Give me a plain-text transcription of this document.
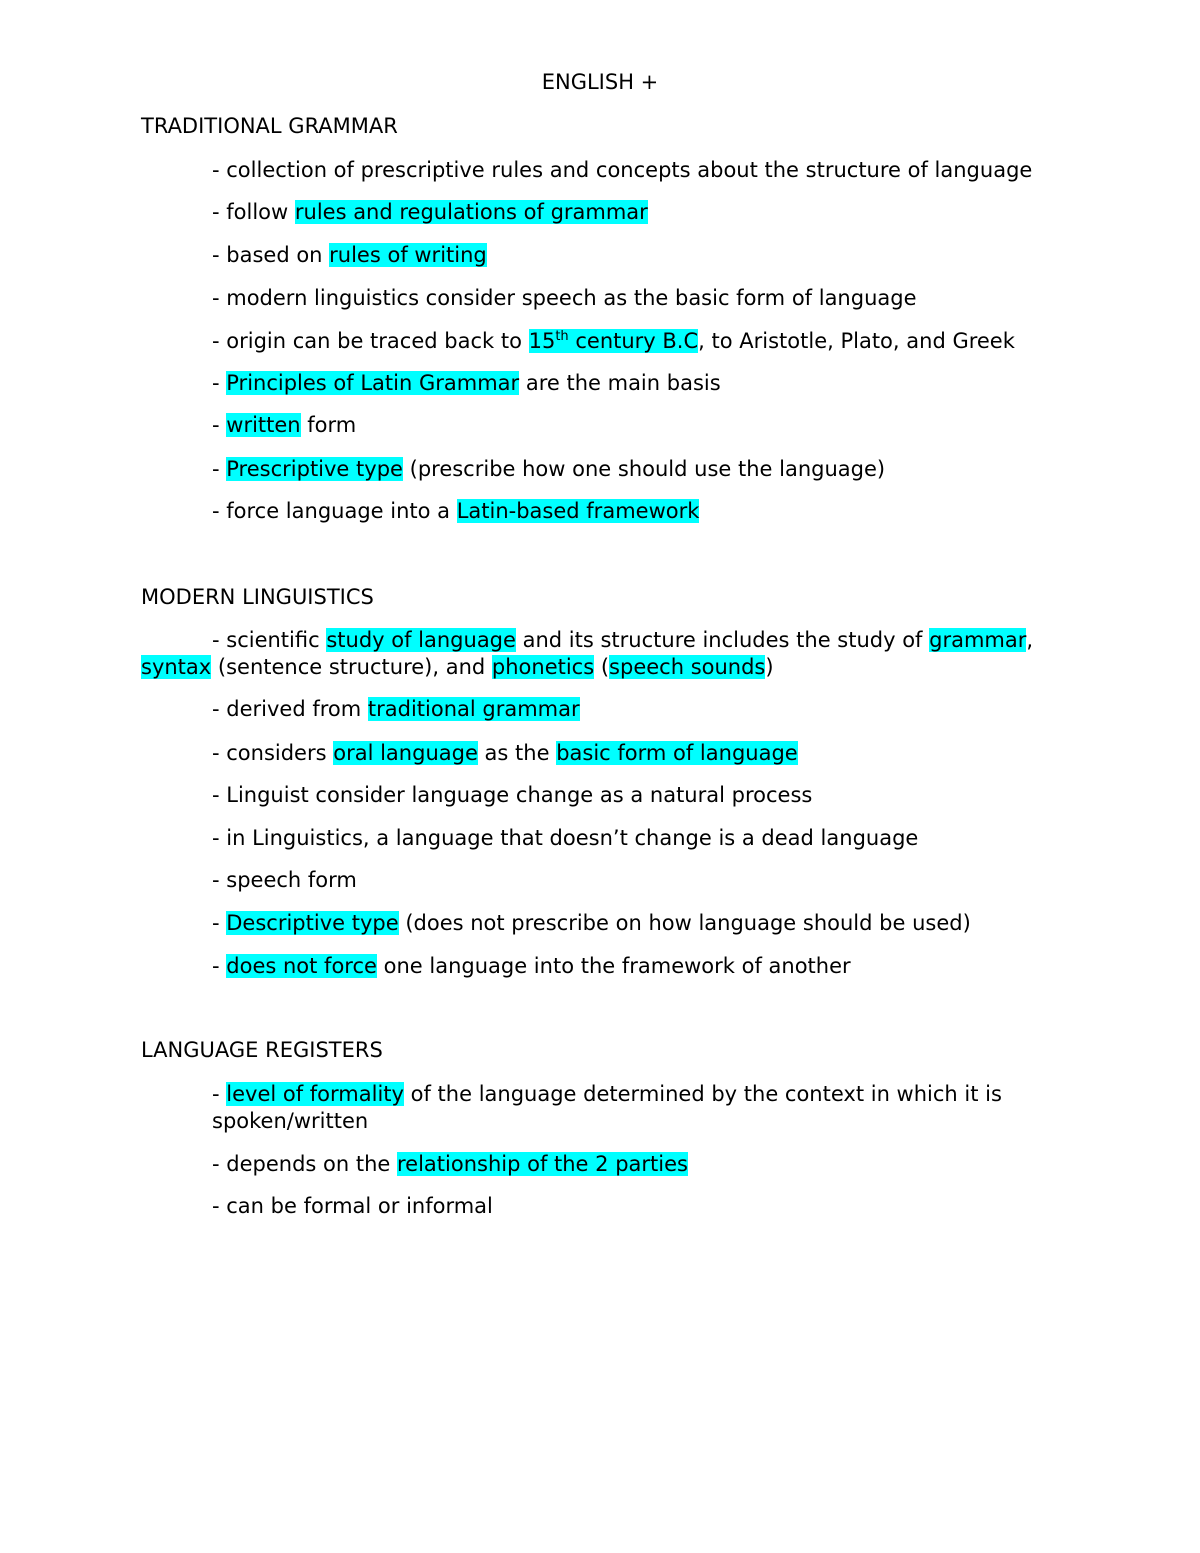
ENGLISH +
TRADITIONAL GRAMMAR
- collection of prescriptive rules and concepts about the structure of language
- follow rules and regulations of grammar
- based on rules of writing
- modern linguistics consider speech as the basic form of language
- origin can be traced back to 15th century B.C, to Aristotle, Plato, and Greek
- Principles of Latin Grammar are the main basis
- written form
- Prescriptive type (prescribe how one should use the language)
- force language into a Latin-based framework
MODERN LINGUISTICS
- scientific study of language and its structure includes the study of grammar, syntax (sentence structure), and phonetics (speech sounds)
- derived from traditional grammar
- considers oral language as the basic form of language
- Linguist consider language change as a natural process
- in Linguistics, a language that doesn’t change is a dead language
- speech form
- Descriptive type (does not prescribe on how language should be used)
- does not force one language into the framework of another
LANGUAGE REGISTERS
- level of formality of the language determined by the context in which it is spoken/written
- depends on the relationship of the 2 parties
- can be formal or informal
